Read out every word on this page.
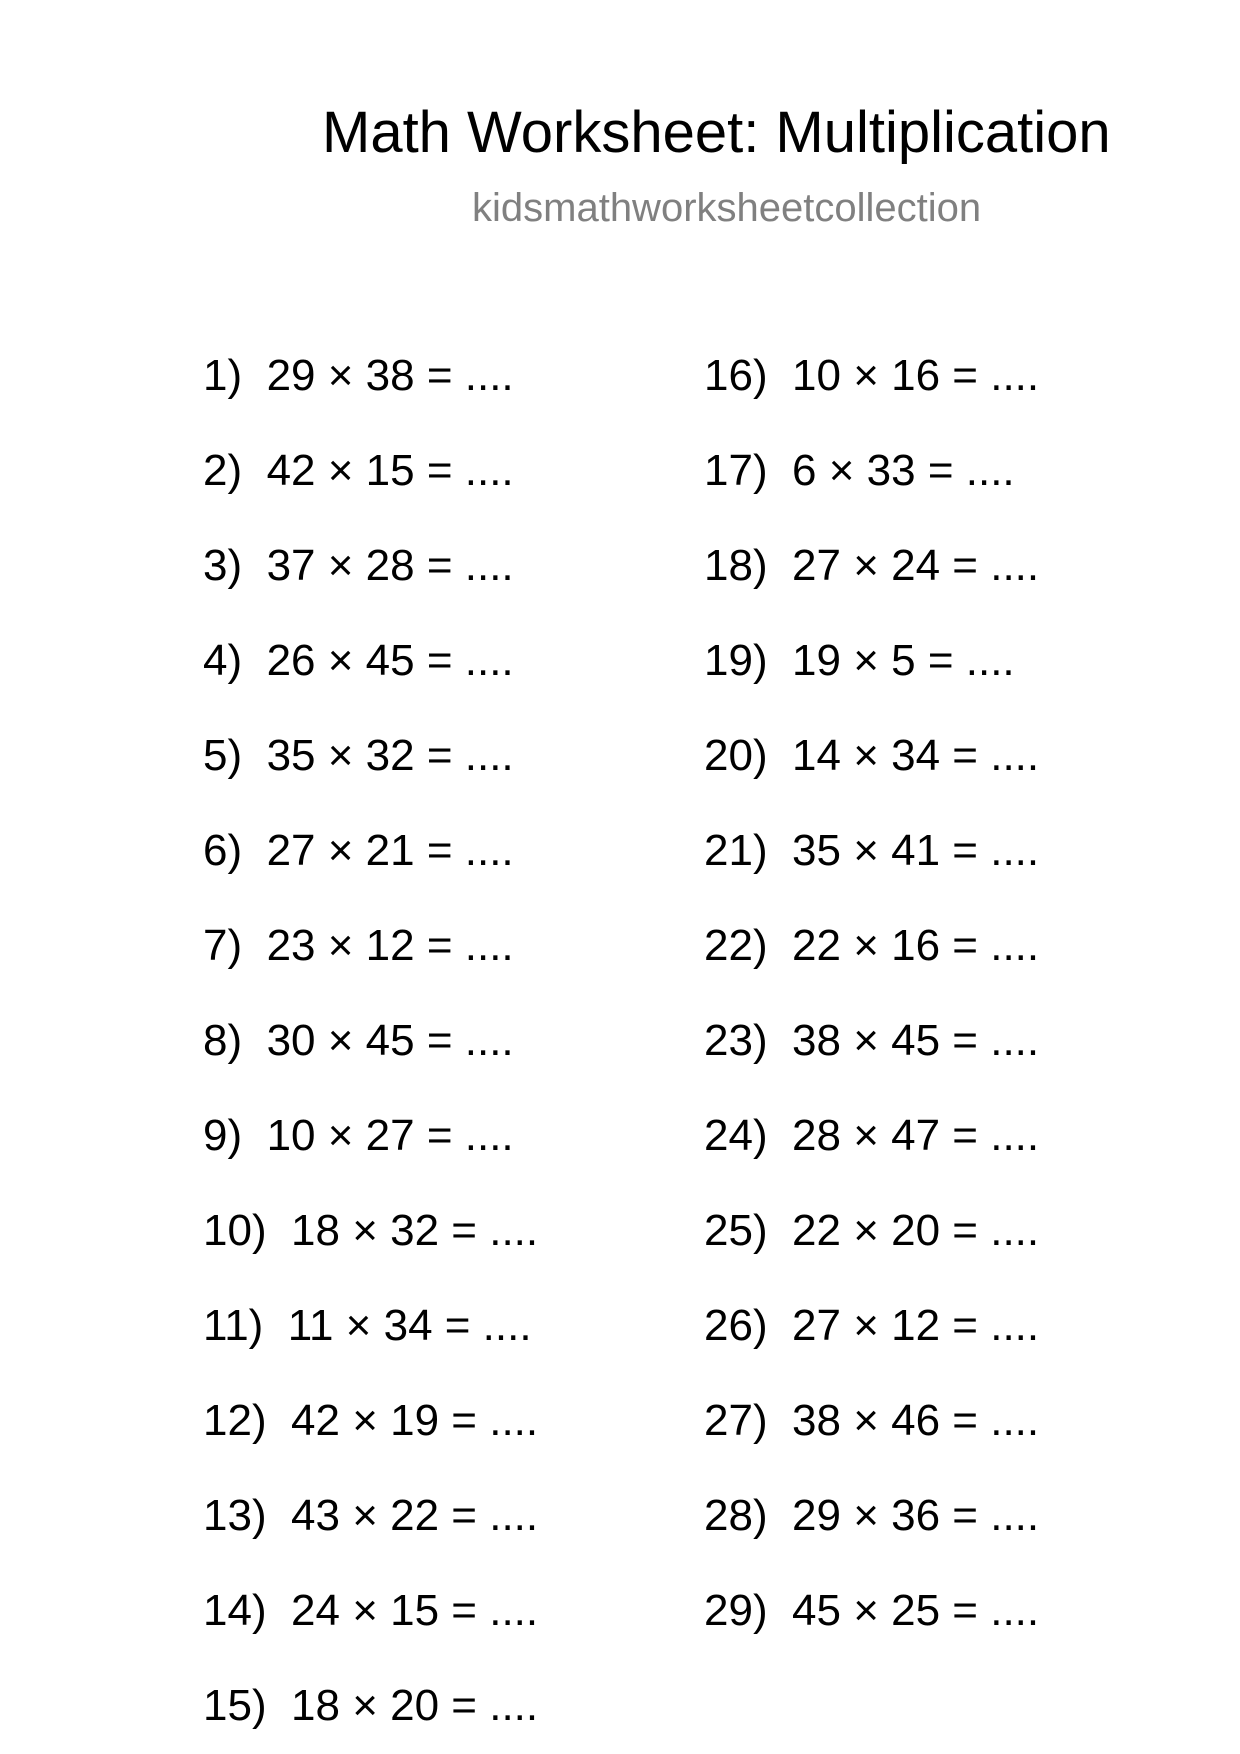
Math Worksheet: Multiplication
kidsmathworksheetcollection
1)  29 × 38 = ....
2)  42 × 15 = ....
3)  37 × 28 = ....
4)  26 × 45 = ....
5)  35 × 32 = ....
6)  27 × 21 = ....
7)  23 × 12 = ....
8)  30 × 45 = ....
9)  10 × 27 = ....
10)  18 × 32 = ....
11)  11 × 34 = ....
12)  42 × 19 = ....
13)  43 × 22 = ....
14)  24 × 15 = ....
15)  18 × 20 = ....
16)  10 × 16 = ....
17)  6 × 33 = ....
18)  27 × 24 = ....
19)  19 × 5 = ....
20)  14 × 34 = ....
21)  35 × 41 = ....
22)  22 × 16 = ....
23)  38 × 45 = ....
24)  28 × 47 = ....
25)  22 × 20 = ....
26)  27 × 12 = ....
27)  38 × 46 = ....
28)  29 × 36 = ....
29)  45 × 25 = ....
